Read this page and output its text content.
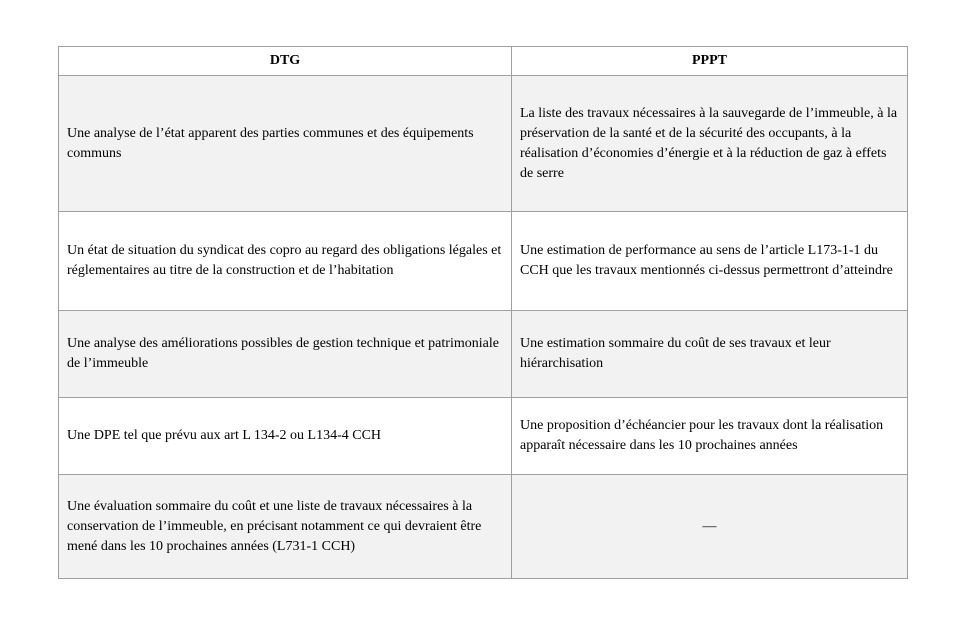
DTG	PPPT
Une analyse de l’état apparent des parties communes et des équipements communs	La liste des travaux nécessaires à la sauvegarde de l’immeuble, à la préservation de la santé et de la sécurité des occupants, à la réalisation d’économies d’énergie et à la réduction de gaz à effets de serre
Un état de situation du syndicat des copro au regard des obligations légales et réglementaires au titre de la construction et de l’habitation	Une estimation de performance au sens de l’article L173-1-1 du CCH que les travaux mentionnés ci-dessus permettront d’atteindre
Une analyse des améliorations possibles de gestion technique et patrimoniale de l’immeuble	Une estimation sommaire du coût de ses travaux et leur hiérarchisation
Une DPE tel que prévu aux art L 134-2 ou L134-4 CCH	Une proposition d’échéancier pour les travaux dont la réalisation apparaît nécessaire dans les 10 prochaines années
Une évaluation sommaire du coût et une liste de travaux nécessaires à la conservation de l’immeuble, en précisant notamment ce qui devraient être mené dans les 10 prochaines années (L731-1 CCH)	—
